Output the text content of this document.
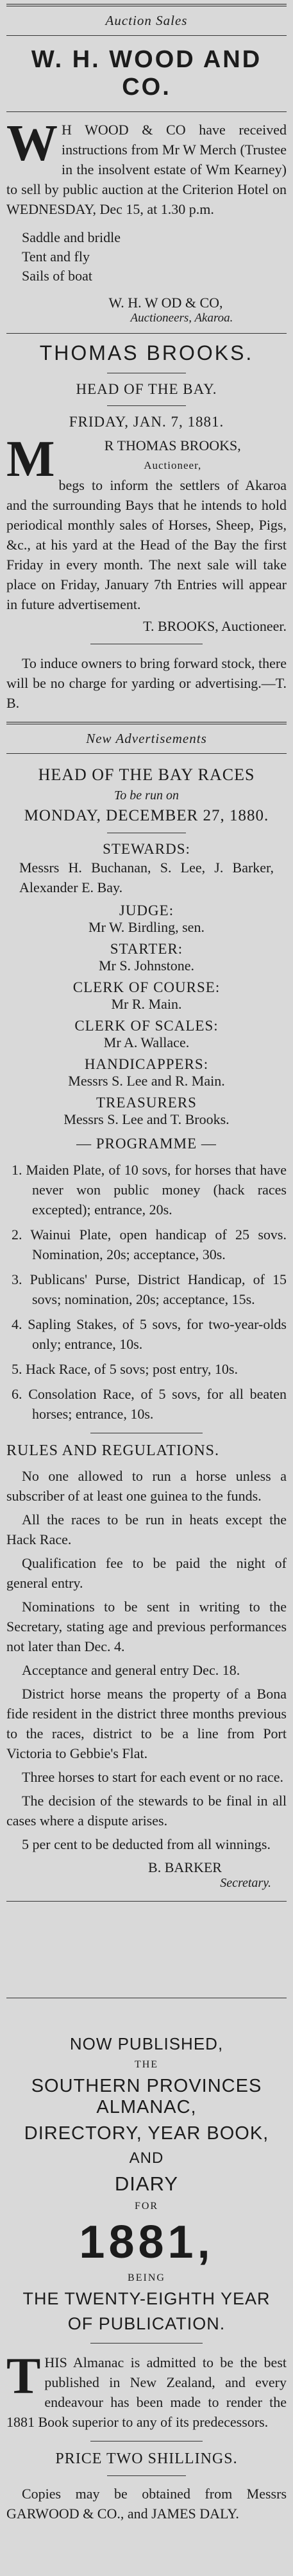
Auction Sales
W. H. WOOD AND CO.
W H WOOD & CO have received instructions from Mr W Merch (Trustee in the insolvent estate of Wm Kearney) to sell by public auction at the Criterion Hotel on WEDNESDAY, Dec 15, at 1.30 p.m.
Saddle and bridle
Tent and fly
Sails of boat
W. H. W OD & CO,
Auctioneers, Akaroa.
THOMAS BROOKS.
HEAD OF THE BAY.
FRIDAY, JAN. 7, 1881.
M	R THOMAS BROOKS,
Auctioneer,
begs to inform the settlers of Akaroa and the surrounding Bays that he intends to hold periodical monthly sales of Horses, Sheep, Pigs, &c., at his yard at the Head of the Bay the first Friday in every month. The next sale will take place on Friday, January 7th Entries will appear in future advertisement.
T. BROOKS, Auctioneer.

To induce owners to bring forward stock, there will be no charge for yarding or advertising.—T. B.

New Advertisements
HEAD OF THE BAY RACES
To be run on
MONDAY, DECEMBER 27, 1880.
STEWARDS:

Messrs H. Buchanan, S. Lee, J. Barker, Alexander E. Bay.

JUDGE:
Mr W. Birdling, sen.
STARTER:
Mr S. Johnstone.
CLERK OF COURSE:
Mr R. Main.
CLERK OF SCALES:
Mr A. Wallace.
HANDICAPPERS:
Messrs S. Lee and R. Main.
TREASURERS
Messrs S. Lee and T. Brooks.
— PROGRAMME —

1. Maiden Plate, of 10 sovs, for horses that have never won public money (hack races excepted); entrance, 20s.

2. Wainui Plate, open handicap of 25 sovs. Nomination, 20s; acceptance, 30s.

3. Publicans' Purse, District Handicap, of 15 sovs; nomination, 20s; acceptance, 15s.

4. Sapling Stakes, of 5 sovs, for two-year-olds only; entrance, 10s.

5. Hack Race, of 5 sovs; post entry, 10s.

6. Consolation Race, of 5 sovs, for all beaten horses; entrance, 10s.

RULES AND REGULATIONS.

No one allowed to run a horse unless a subscriber of at least one guinea to the funds.

All the races to be run in heats except the Hack Race.

Qualification fee to be paid the night of general entry.

Nominations to be sent in writing to the Secretary, stating age and previous performances not later than Dec. 4.

Acceptance and general entry Dec. 18.

District horse means the property of a Bona fide resident in the district three months previous to the races, district to be a line from Port Victoria to Gebbie's Flat.

Three horses to start for each event or no race.

The decision of the stewards to be final in all cases where a dispute arises.

5 per cent to be deducted from all winnings.

B. BARKER
Secretary.
NOW PUBLISHED,
THE
SOUTHERN PROVINCES ALMANAC,
DIRECTORY, YEAR BOOK,
AND
DIARY
FOR
1881,
BEING
THE TWENTY-EIGHTH YEAR
OF PUBLICATION.
THIS Almanac is admitted to be the best published in New Zealand, and every endeavour has been made to render the 1881 Book superior to any of its predecessors.
PRICE TWO SHILLINGS.

Copies may be obtained from Messrs GARWOOD & CO., and JAMES DALY.
